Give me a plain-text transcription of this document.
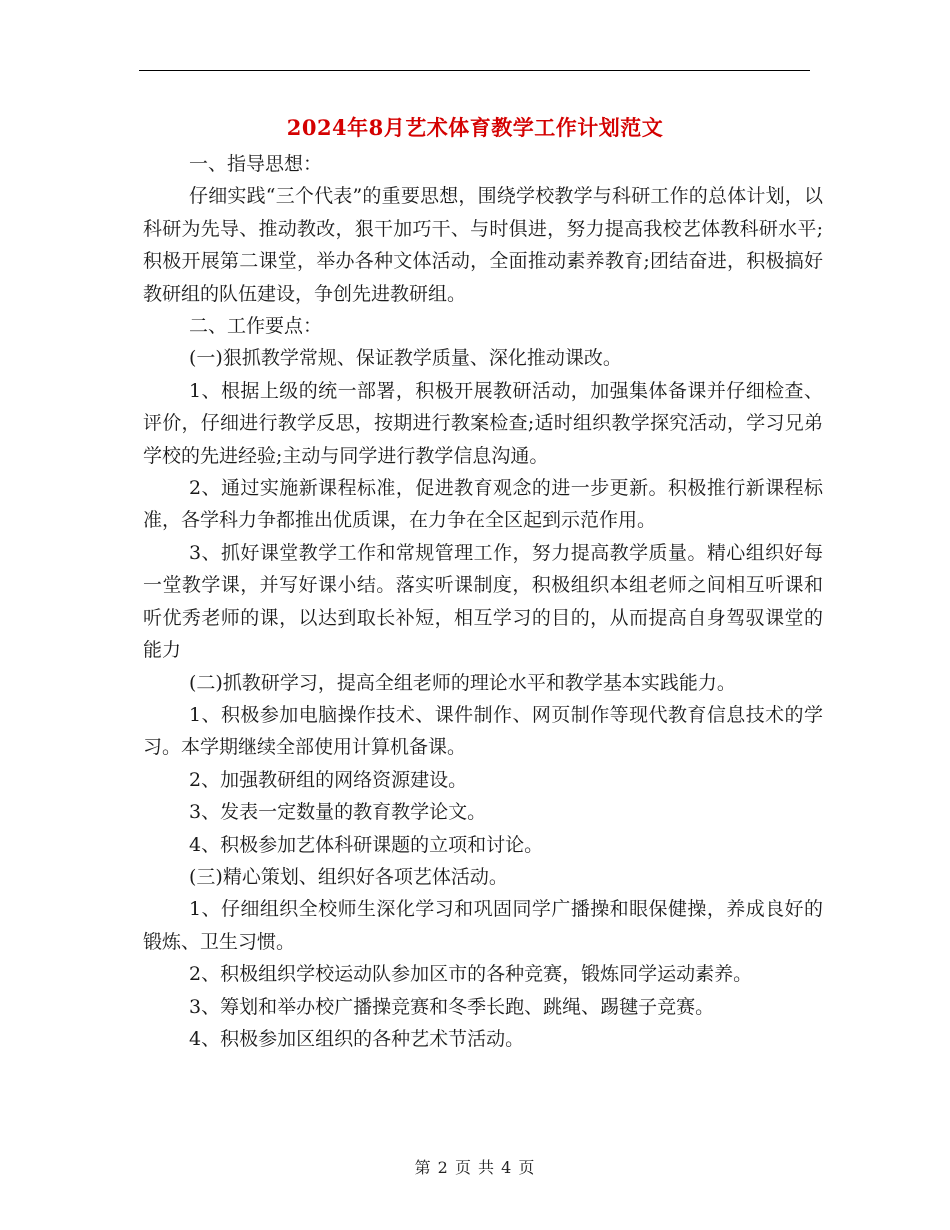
2024年8月艺术体育教学工作计划范文

一、指导思想：

仔细实践“三个代表”的重要思想，围绕学校教学与科研工作的总体计划，以科研为先导、推动教改，狠干加巧干、与时俱进，努力提高我校艺体教科研水平;积极开展第二课堂，举办各种文体活动，全面推动素养教育;团结奋进，积极搞好教研组的队伍建设，争创先进教研组。

二、工作要点：

(一)狠抓教学常规、保证教学质量、深化推动课改。

1、根据上级的统一部署，积极开展教研活动，加强集体备课并仔细检查、评价，仔细进行教学反思，按期进行教案检查;适时组织教学探究活动，学习兄弟学校的先进经验;主动与同学进行教学信息沟通。

2、通过实施新课程标准，促进教育观念的进一步更新。积极推行新课程标准，各学科力争都推出优质课，在力争在全区起到示范作用。

3、抓好课堂教学工作和常规管理工作，努力提高教学质量。精心组织好每一堂教学课，并写好课小结。落实听课制度，积极组织本组老师之间相互听课和听优秀老师的课，以达到取长补短，相互学习的目的，从而提高自身驾驭课堂的能力

(二)抓教研学习，提高全组老师的理论水平和教学基本实践能力。

1、积极参加电脑操作技术、课件制作、网页制作等现代教育信息技术的学习。本学期继续全部使用计算机备课。

2、加强教研组的网络资源建设。

3、发表一定数量的教育教学论文。

4、积极参加艺体科研课题的立项和讨论。

(三)精心策划、组织好各项艺体活动。

1、仔细组织全校师生深化学习和巩固同学广播操和眼保健操，养成良好的锻炼、卫生习惯。

2、积极组织学校运动队参加区市的各种竞赛，锻炼同学运动素养。

3、筹划和举办校广播操竞赛和冬季长跑、跳绳、踢毽子竞赛。

4、积极参加区组织的各种艺术节活动。

第 2 页 共 4 页
